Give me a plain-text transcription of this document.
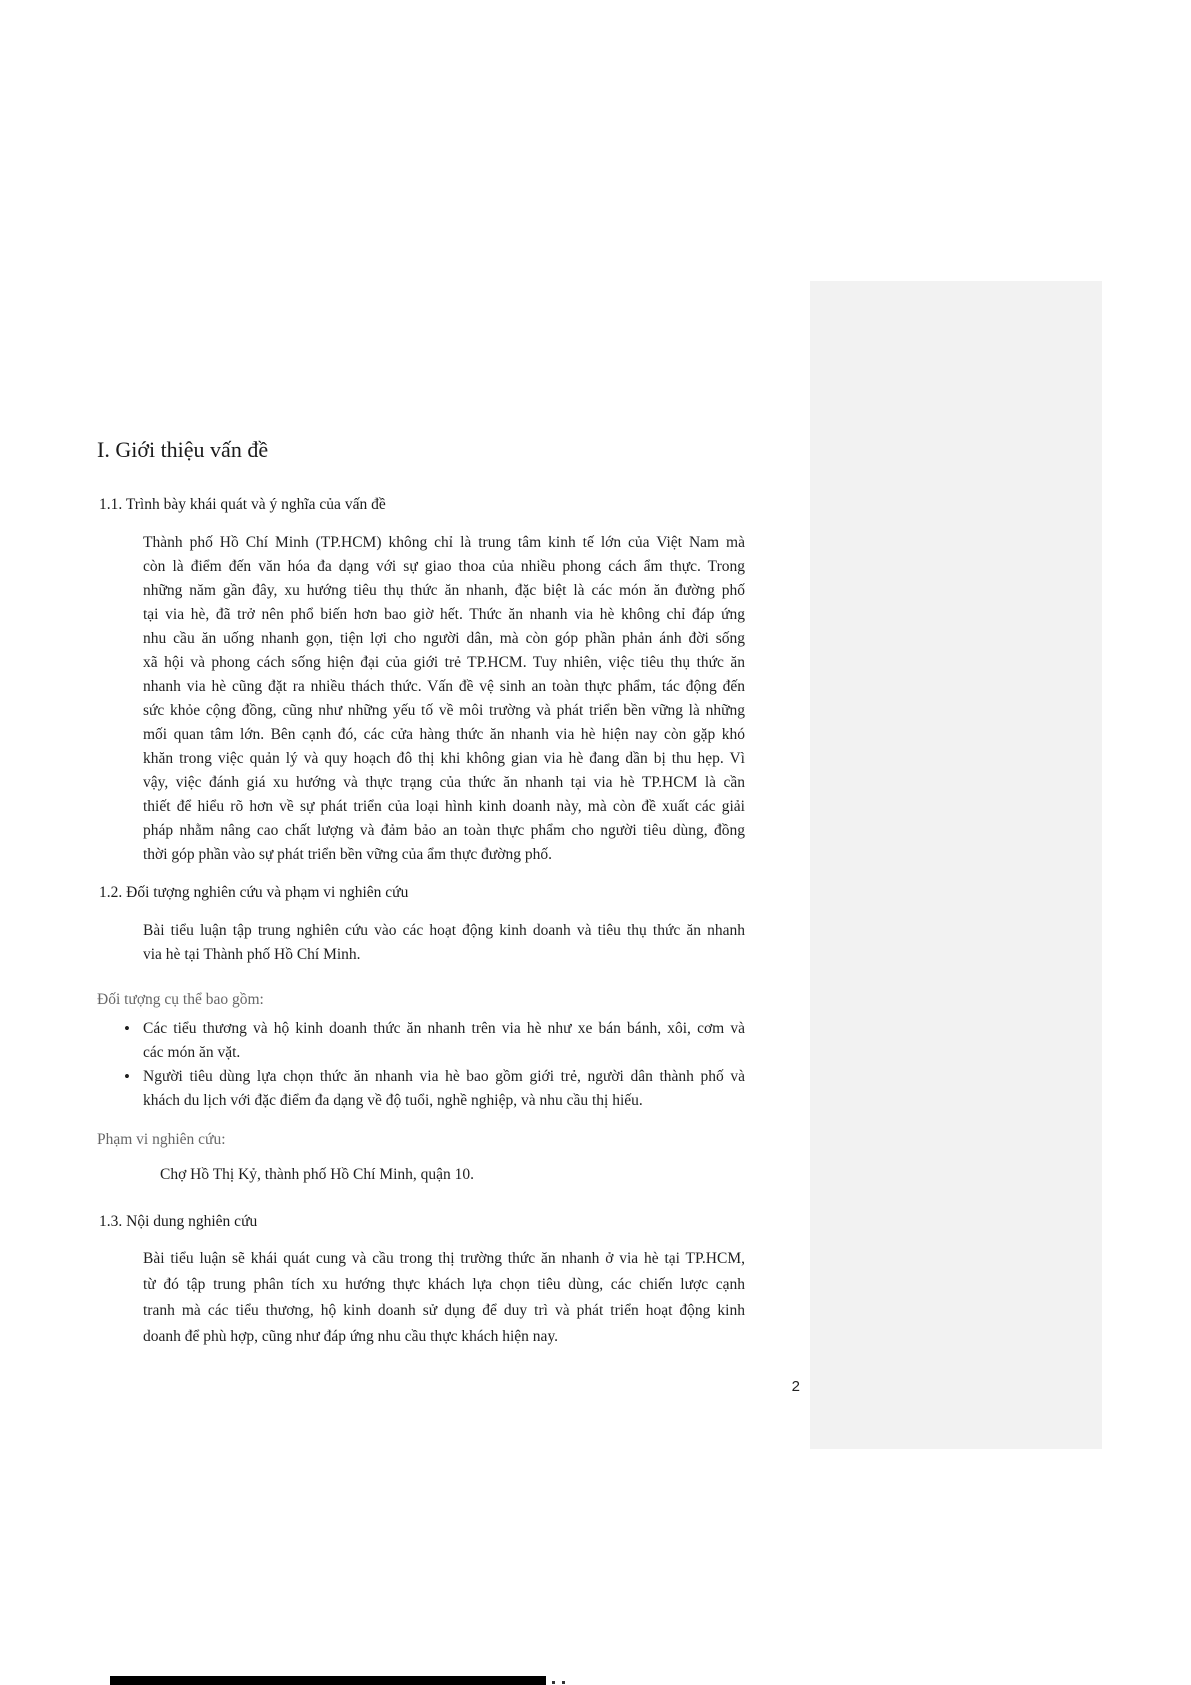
I. Giới thiệu vấn đề
1.1. Trình bày khái quát và ý nghĩa của vấn đề
Thành phố Hồ Chí Minh (TP.HCM) không chỉ là trung tâm kinh tế lớn của Việt Nam mà
còn là điểm đến văn hóa đa dạng với sự giao thoa của nhiều phong cách ẩm thực. Trong
những năm gần đây, xu hướng tiêu thụ thức ăn nhanh, đặc biệt là các món ăn đường phố
tại via hè, đã trở nên phổ biến hơn bao giờ hết. Thức ăn nhanh via hè không chỉ đáp ứng
nhu cầu ăn uống nhanh gọn, tiện lợi cho người dân, mà còn góp phần phản ánh đời sống
xã hội và phong cách sống hiện đại của giới trẻ TP.HCM. Tuy nhiên, việc tiêu thụ thức ăn
nhanh via hè cũng đặt ra nhiều thách thức. Vấn đề vệ sinh an toàn thực phẩm, tác động đến
sức khỏe cộng đồng, cũng như những yếu tố về môi trường và phát triển bền vững là những
mối quan tâm lớn. Bên cạnh đó, các cửa hàng thức ăn nhanh via hè hiện nay còn gặp khó
khăn trong việc quản lý và quy hoạch đô thị khi không gian via hè đang dần bị thu hẹp. Vì
vậy, việc đánh giá xu hướng và thực trạng của thức ăn nhanh tại via hè TP.HCM là cần
thiết để hiểu rõ hơn về sự phát triển của loại hình kinh doanh này, mà còn đề xuất các giải
pháp nhằm nâng cao chất lượng và đảm bảo an toàn thực phẩm cho người tiêu dùng, đồng
thời góp phần vào sự phát triển bền vững của ẩm thực đường phố.
1.2. Đối tượng nghiên cứu và phạm vi nghiên cứu
Bài tiểu luận tập trung nghiên cứu vào các hoạt động kinh doanh và tiêu thụ thức ăn nhanh
via hè tại Thành phố Hồ Chí Minh.
Đối tượng cụ thể bao gồm:
• Các tiểu thương và hộ kinh doanh thức ăn nhanh trên via hè như xe bán bánh, xôi, cơm và
các món ăn vặt.
• Người tiêu dùng lựa chọn thức ăn nhanh via hè bao gồm giới trẻ, người dân thành phố và
khách du lịch với đặc điểm đa dạng về độ tuổi, nghề nghiệp, và nhu cầu thị hiếu.
Phạm vi nghiên cứu:
Chợ Hồ Thị Kỷ, thành phố Hồ Chí Minh, quận 10.
1.3. Nội dung nghiên cứu
Bài tiểu luận sẽ khái quát cung và cầu trong thị trường thức ăn nhanh ở via hè tại TP.HCM,
từ đó tập trung phân tích xu hướng thực khách lựa chọn tiêu dùng, các chiến lược cạnh
tranh mà các tiểu thương, hộ kinh doanh sử dụng để duy trì và phát triển hoạt động kinh
doanh để phù hợp, cũng như đáp ứng nhu cầu thực khách hiện nay.
2
